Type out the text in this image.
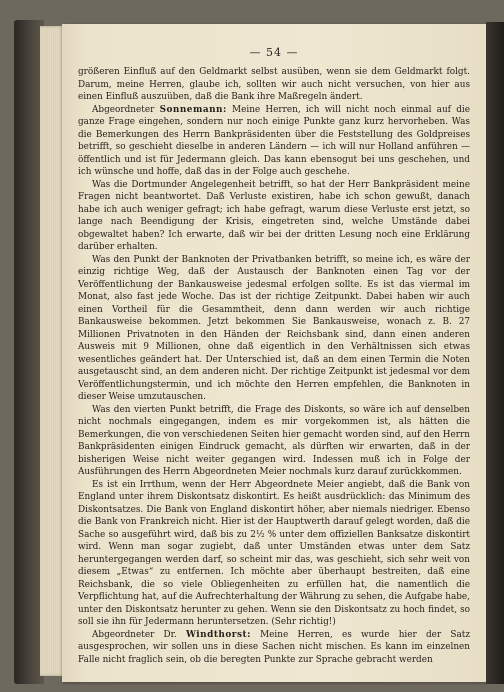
— 54 —

größeren Einfluß auf den Geldmarkt selbst ausüben, wenn sie dem Geldmarkt folgt. Darum, meine Herren, glaube ich, sollten wir auch nicht versuchen, von hier aus einen Einfluß auszuüben, daß die Bank ihre Maßregeln ändert.

Abgeordneter Sonnemann: Meine Herren, ich will nicht noch einmal auf die ganze Frage eingehen, sondern nur noch einige Punkte ganz kurz hervorheben. Was die Bemerkungen des Herrn Bankpräsidenten über die Feststellung des Goldpreises betrifft, so geschieht dieselbe in anderen Ländern — ich will nur Holland anführen — öffentlich und ist für Jedermann gleich. Das kann ebensogut bei uns geschehen, und ich wünsche und hoffe, daß das in der Folge auch geschehe.

Was die Dortmunder Angelegenheit betrifft, so hat der Herr Bankpräsident meine Fragen nicht beantwortet. Daß Verluste existiren, habe ich schon gewußt, danach habe ich auch weniger gefragt; ich habe gefragt, warum diese Verluste erst jetzt, so lange nach Beendigung der Krisis, eingetreten sind, welche Umstände dabei obgewaltet haben? Ich erwarte, daß wir bei der dritten Lesung noch eine Erklärung darüber erhalten.

Was den Punkt der Banknoten der Privatbanken betrifft, so meine ich, es wäre der einzig richtige Weg, daß der Austausch der Banknoten einen Tag vor der Veröffentlichung der Bankausweise jedesmal erfolgen sollte. Es ist das viermal im Monat, also fast jede Woche. Das ist der richtige Zeitpunkt. Dabei haben wir auch einen Vortheil für die Gesammtheit, denn dann werden wir auch richtige Bankausweise bekommen. Jetzt bekommen Sie Bankausweise, wonach z. B. 27 Millionen Privatnoten in den Händen der Reichsbank sind, dann einen anderen Ausweis mit 9 Millionen, ohne daß eigentlich in den Verhältnissen sich etwas wesentliches geändert hat. Der Unterschied ist, daß an dem einen Termin die Noten ausgetauscht sind, an dem anderen nicht. Der richtige Zeitpunkt ist jedesmal vor dem Veröffentlichungstermin, und ich möchte den Herren empfehlen, die Banknoten in dieser Weise umzutauschen.

Was den vierten Punkt betrifft, die Frage des Diskonts, so wäre ich auf denselben nicht nochmals eingegangen, indem es mir vorgekommen ist, als hätten die Bemerkungen, die von verschiedenen Seiten hier gemacht worden sind, auf den Herrn Bankpräsidenten einigen Eindruck gemacht, als dürften wir erwarten, daß in der bisherigen Weise nicht weiter gegangen wird. Indessen muß ich in Folge der Ausführungen des Herrn Abgeordneten Meier nochmals kurz darauf zurückkommen.

Es ist ein Irrthum, wenn der Herr Abgeordnete Meier angiebt, daß die Bank von England unter ihrem Diskontsatz diskontirt. Es heißt ausdrücklich: das Minimum des Diskontsatzes. Die Bank von England diskontirt höher, aber niemals niedriger. Ebenso die Bank von Frankreich nicht. Hier ist der Hauptwerth darauf gelegt worden, daß die Sache so ausgeführt wird, daß bis zu 2½ % unter dem offiziellen Banksatze diskontirt wird. Wenn man sogar zugiebt, daß unter Umständen etwas unter dem Satz heruntergegangen werden darf, so scheint mir das, was geschieht, sich sehr weit von diesem „Etwas“ zu entfernen. Ich möchte aber überhaupt bestreiten, daß eine Reichsbank, die so viele Obliegenheiten zu erfüllen hat, die namentlich die Verpflichtung hat, auf die Aufrechterhaltung der Währung zu sehen, die Aufgabe habe, unter den Diskontsatz herunter zu gehen. Wenn sie den Diskontsatz zu hoch findet, so soll sie ihn für Jedermann heruntersetzen. (Sehr richtig!)

Abgeordneter Dr. Windthorst: Meine Herren, es wurde hier der Satz ausgesprochen, wir sollen uns in diese Sachen nicht mischen. Es kann im einzelnen Falle nicht fraglich sein, ob die beregten Punkte zur Sprache gebracht werden
